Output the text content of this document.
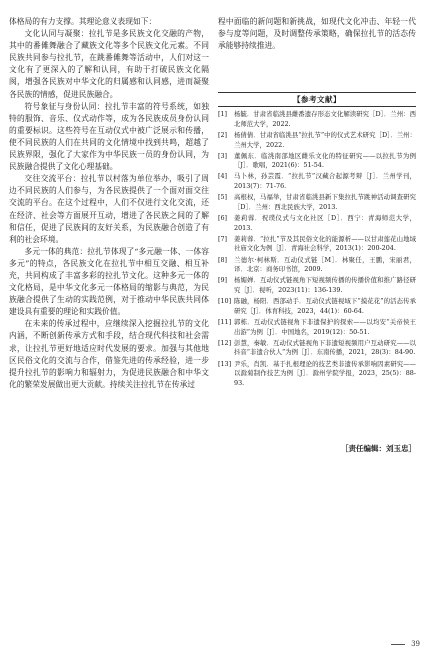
体格局的有力支撑。其理论意义表现如下：

文化认同与凝聚：拉扎节是多民族文化交融的产物，其中的番傩舞融合了藏族文化等多个民族文化元素。不同民族共同参与拉扎节，在跳番傩舞等活动中，人们对这一文化有了更深入的了解和认同，有助于打破民族文化隔阂，增强各民族对中华文化的归属感和认同感，进而凝聚各民族的情感，促进民族融合。

符号象征与身份认同：拉扎节丰富的符号系统，如独特的服饰、音乐、仪式动作等，成为各民族成员身份认同的重要标识。这些符号在互动仪式中被广泛展示和传播，使不同民族的人们在共同的文化情境中找到共鸣，超越了民族界限，强化了大家作为中华民族一员的身份认同，为民族融合提供了文化心理基础。

交往交流平台：拉扎节以村落为单位举办，吸引了周边不同民族的人们参与，为各民族提供了一个面对面交往交流的平台。在这个过程中，人们不仅进行文化交流，还在经济、社会等方面展开互动，增进了各民族之间的了解和信任，促进了民族间的友好关系，为民族融合创造了有利的社会环境。

多元一体的典范：拉扎节体现了“多元融一体、一体容多元”的特点，各民族文化在拉扎节中相互交融、相互补充，共同构成了丰富多彩的拉扎节文化。这种多元一体的文化格局，是中华文化多元一体格局的缩影与典范，为民族融合提供了生动的实践范例，对于推动中华民族共同体建设具有重要的理论和实践价值。

在未来的传承过程中，应继续深入挖掘拉扎节的文化内涵，不断创新传承方式和手段，结合现代科技和社会需求，让拉扎节更好地适应时代发展的要求。加强与其他地区民俗文化的交流与合作，借鉴先进的传承经验，进一步提升拉扎节的影响力和辐射力，为促进民族融合和中华文化的繁荣发展做出更大贡献。持续关注拉扎节在传承过

程中面临的新问题和新挑战，如现代文化冲击、年轻一代参与度等问题，及时调整传承策略，确保拉扎节的活态传承能够持续推进。

【参考文献】
[1]	杨毓．甘肃省临洮县雌番遗存形态文化解读研究［D］．兰州：西北师范大学，2022.
[2]	杨倩倩．甘肃省临洮县“拉扎节”中的仪式艺术研究［D］．兰州：兰州大学，2022.
[3]	董佩东．临洮南部地区雌乐文化的特征研究——以拉扎节为例［J］．歌唱，2021(6)：51-54.
[4]	马卜林，孙芸霞．“拉扎节”汉藏合起源考辩［J］．兰州学刊，2013(7)：71-76.
[5]	高根权，马福举，甘肃省临洮县新下集拉扎节跳神活动调查研究［D］．兰州：西北民族大学，2013.
[6]	姜莉蓉．祝璞仪式与文化社区［D］．西宁：青海师范大学，2013.
[7]	姜莉蓉．“拉扎”节及其民俗文化的能源析——以甘肃莲花山地域社庙文化为例［J］．青海社会科学，2013(1)：200-204.
[8]	兰德尔·柯林斯．互动仪式链［M］．林聚任，王鹏，宋丽君，译．北京：商务印书馆，2009.
[9]	杨媚婵．互动仪式链视角下短视频传播的传播价值和推广路径研究［J］．视听，2023(11)：136-139.
[10] 陈融，杨阳．西部动手．互动仪式链视域下“摸花花”的活态传承研究［J］．体育科技，2023，44(1)：60-64.
[11] 郭栋．互动仪式链视角下非遗保护的探索——以均安“关帝侯王出游”为例［J］．中国地名，2019(12)：50-51.
[12] 彭慧，秦敏．互动仪式链视角下非遗短视频用户互动研究——以抖音“非遗合伙人”为例［J］．东南传播，2021，28(3)：84-90.
[13] 尹乐，肖凯．基于扎根理论的技艺类非遗传承影响因素研究——以滁菊制作技艺为例［J］．滁州学院学报，2023，25(5)：88-93.
［责任编辑：刘玉忠］
39
